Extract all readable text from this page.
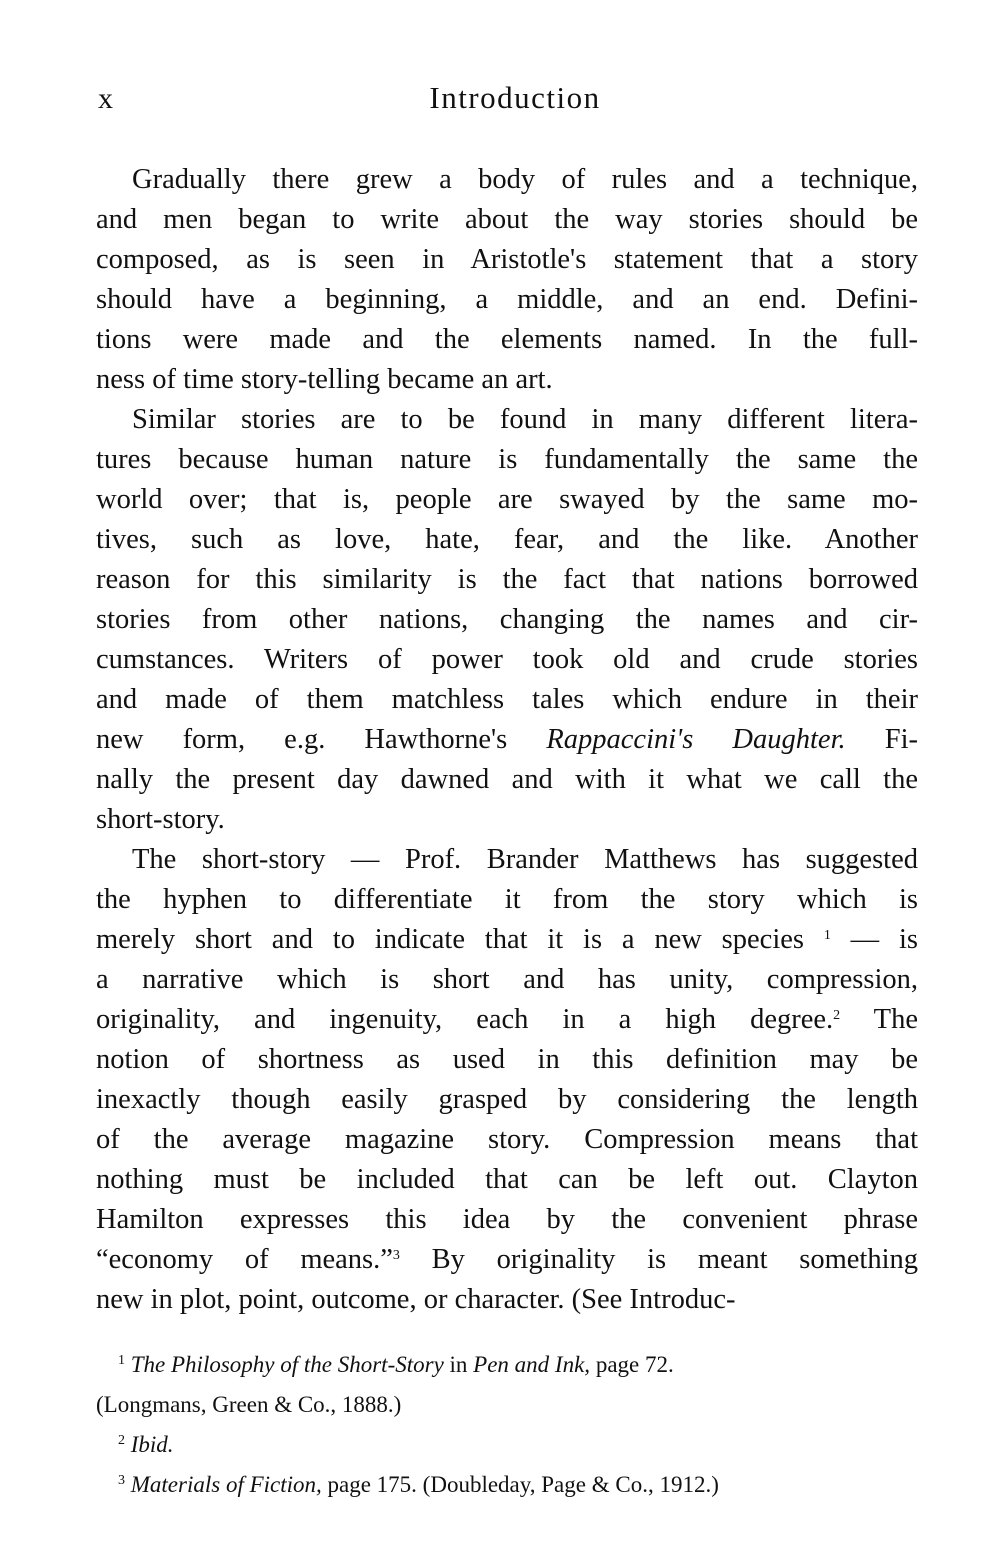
x	Introduction
Gradually there grew a body of rules and a technique,
and men began to write about the way stories should be
composed, as is seen in Aristotle's statement that a story
should have a beginning, a middle, and an end. Defini-
tions were made and the elements named. In the full-
ness of time story-telling became an art.
Similar stories are to be found in many different litera-
tures because human nature is fundamentally the same the
world over; that is, people are swayed by the same mo-
tives, such as love, hate, fear, and the like. Another
reason for this similarity is the fact that nations borrowed
stories from other nations, changing the names and cir-
cumstances. Writers of power took old and crude stories
and made of them matchless tales which endure in their
new form, e.g. Hawthorne's Rappaccini's Daughter. Fi-
nally the present day dawned and with it what we call the
short-story.
The short-story — Prof. Brander Matthews has suggested
the hyphen to differentiate it from the story which is
merely short and to indicate that it is a new species $^1$ — is
a narrative which is short and has unity, compression,
originality, and ingenuity, each in a high degree.$^2$ The
notion of shortness as used in this definition may be
inexactly though easily grasped by considering the length
of the average magazine story. Compression means that
nothing must be included that can be left out. Clayton
Hamilton expresses this idea by the convenient phrase
“economy of means.”$^3$ By originality is meant something
new in plot, point, outcome, or character. (See Introduc-
$^1$ The Philosophy of the Short-Story in Pen and Ink, page 72.
(Longmans, Green & Co., 1888.)
$^2$ Ibid.
$^3$ Materials of Fiction, page 175. (Doubleday, Page & Co., 1912.)
